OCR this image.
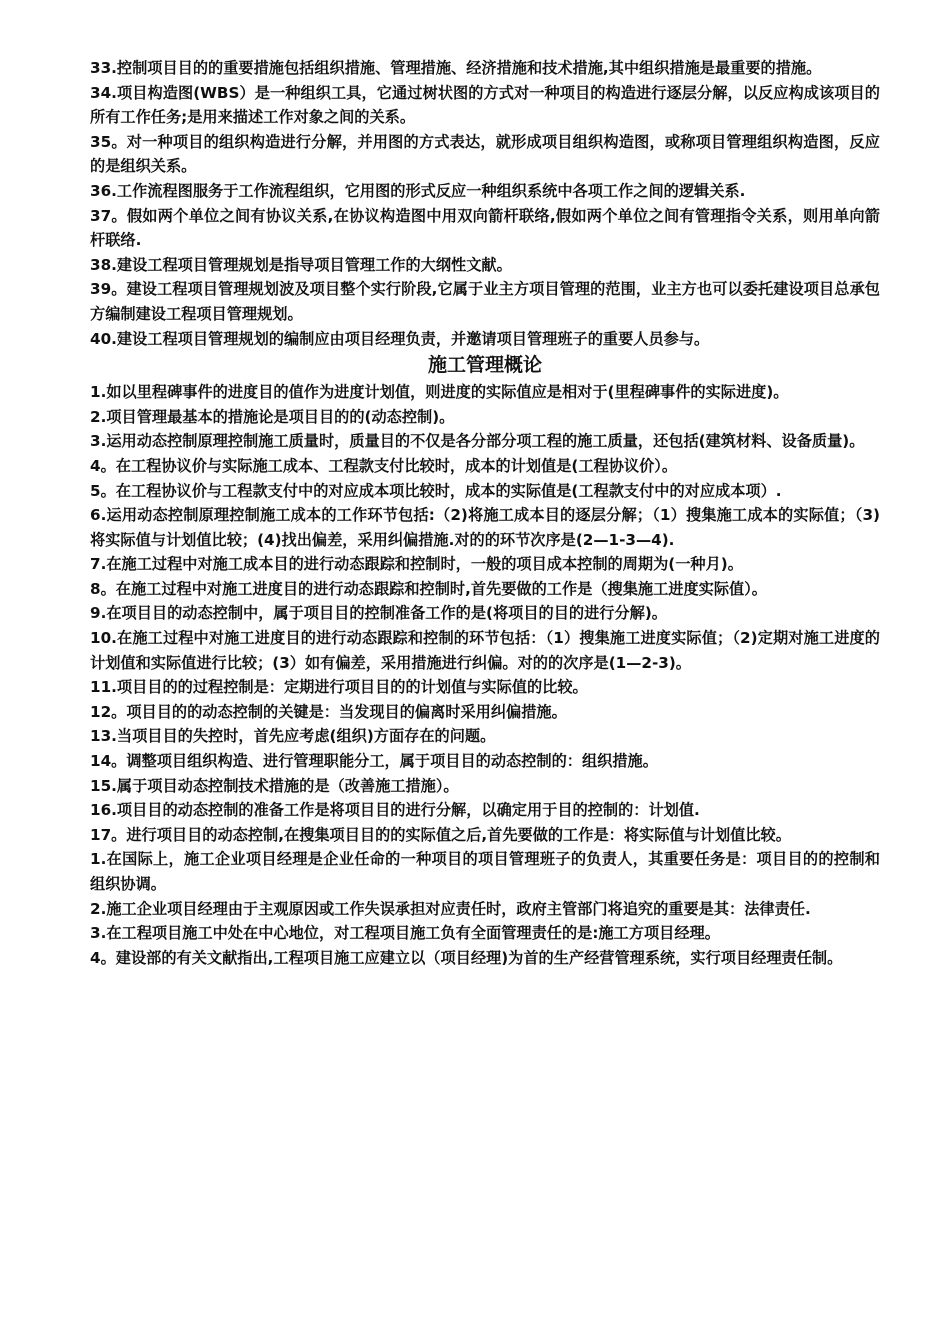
33.控制项目目的的重要措施包括组织措施、管理措施、经济措施和技术措施,其中组织措施是最重要的措施。

34.项目构造图(WBS）是一种组织工具，它通过树状图的方式对一种项目的构造进行逐层分解，以反应构成该项目的所有工作任务;是用来描述工作对象之间的关系。

35。对一种项目的组织构造进行分解，并用图的方式表达，就形成项目组织构造图，或称项目管理组织构造图，反应的是组织关系。

36.工作流程图服务于工作流程组织，它用图的形式反应一种组织系统中各项工作之间的逻辑关系.

37。假如两个单位之间有协议关系,在协议构造图中用双向箭杆联络,假如两个单位之间有管理指令关系，则用单向箭杆联络.

38.建设工程项目管理规划是指导项目管理工作的大纲性文献。

39。建设工程项目管理规划波及项目整个实行阶段,它属于业主方项目管理的范围，业主方也可以委托建设项目总承包方编制建设工程项目管理规划。

40.建设工程项目管理规划的编制应由项目经理负责，并邀请项目管理班子的重要人员参与。

施工管理概论

1.如以里程碑事件的进度目的值作为进度计划值，则进度的实际值应是相对于(里程碑事件的实际进度)。

2.项目管理最基本的措施论是项目目的的(动态控制)。

3.运用动态控制原理控制施工质量时，质量目的不仅是各分部分项工程的施工质量，还包括(建筑材料、设备质量)。

4。在工程协议价与实际施工成本、工程款支付比较时，成本的计划值是(工程协议价）。

5。在工程协议价与工程款支付中的对应成本项比较时，成本的实际值是(工程款支付中的对应成本项）.

6.运用动态控制原理控制施工成本的工作环节包括:（2)将施工成本目的逐层分解；（1）搜集施工成本的实际值；（3)将实际值与计划值比较；(4)找出偏差，采用纠偏措施.对的的环节次序是(2—1-3—4).

7.在施工过程中对施工成本目的进行动态跟踪和控制时，一般的项目成本控制的周期为(一种月)。

8。在施工过程中对施工进度目的进行动态跟踪和控制时,首先要做的工作是（搜集施工进度实际值）。

9.在项目目的动态控制中，属于项目目的控制准备工作的是(将项目的目的进行分解)。

10.在施工过程中对施工进度目的进行动态跟踪和控制的环节包括：（1）搜集施工进度实际值；（2)定期对施工进度的计划值和实际值进行比较；(3）如有偏差，采用措施进行纠偏。对的的次序是(1—2-3)。

11.项目目的的过程控制是：定期进行项目目的的计划值与实际值的比较。

12。项目目的的动态控制的关键是：当发现目的偏离时采用纠偏措施。

13.当项目目的失控时，首先应考虑(组织)方面存在的问题。

14。调整项目组织构造、进行管理职能分工，属于项目目的动态控制的：组织措施。

15.属于项目动态控制技术措施的是（改善施工措施）。

16.项目目的动态控制的准备工作是将项目目的进行分解，以确定用于目的控制的：计划值.

17。进行项目目的动态控制,在搜集项目目的的实际值之后,首先要做的工作是：将实际值与计划值比较。

1.在国际上，施工企业项目经理是企业任命的一种项目的项目管理班子的负责人，其重要任务是：项目目的的控制和组织协调。

2.施工企业项目经理由于主观原因或工作失误承担对应责任时，政府主管部门将追究的重要是其：法律责任.

3.在工程项目施工中处在中心地位，对工程项目施工负有全面管理责任的是:施工方项目经理。

4。建设部的有关文献指出,工程项目施工应建立以（项目经理)为首的生产经营管理系统，实行项目经理责任制。
